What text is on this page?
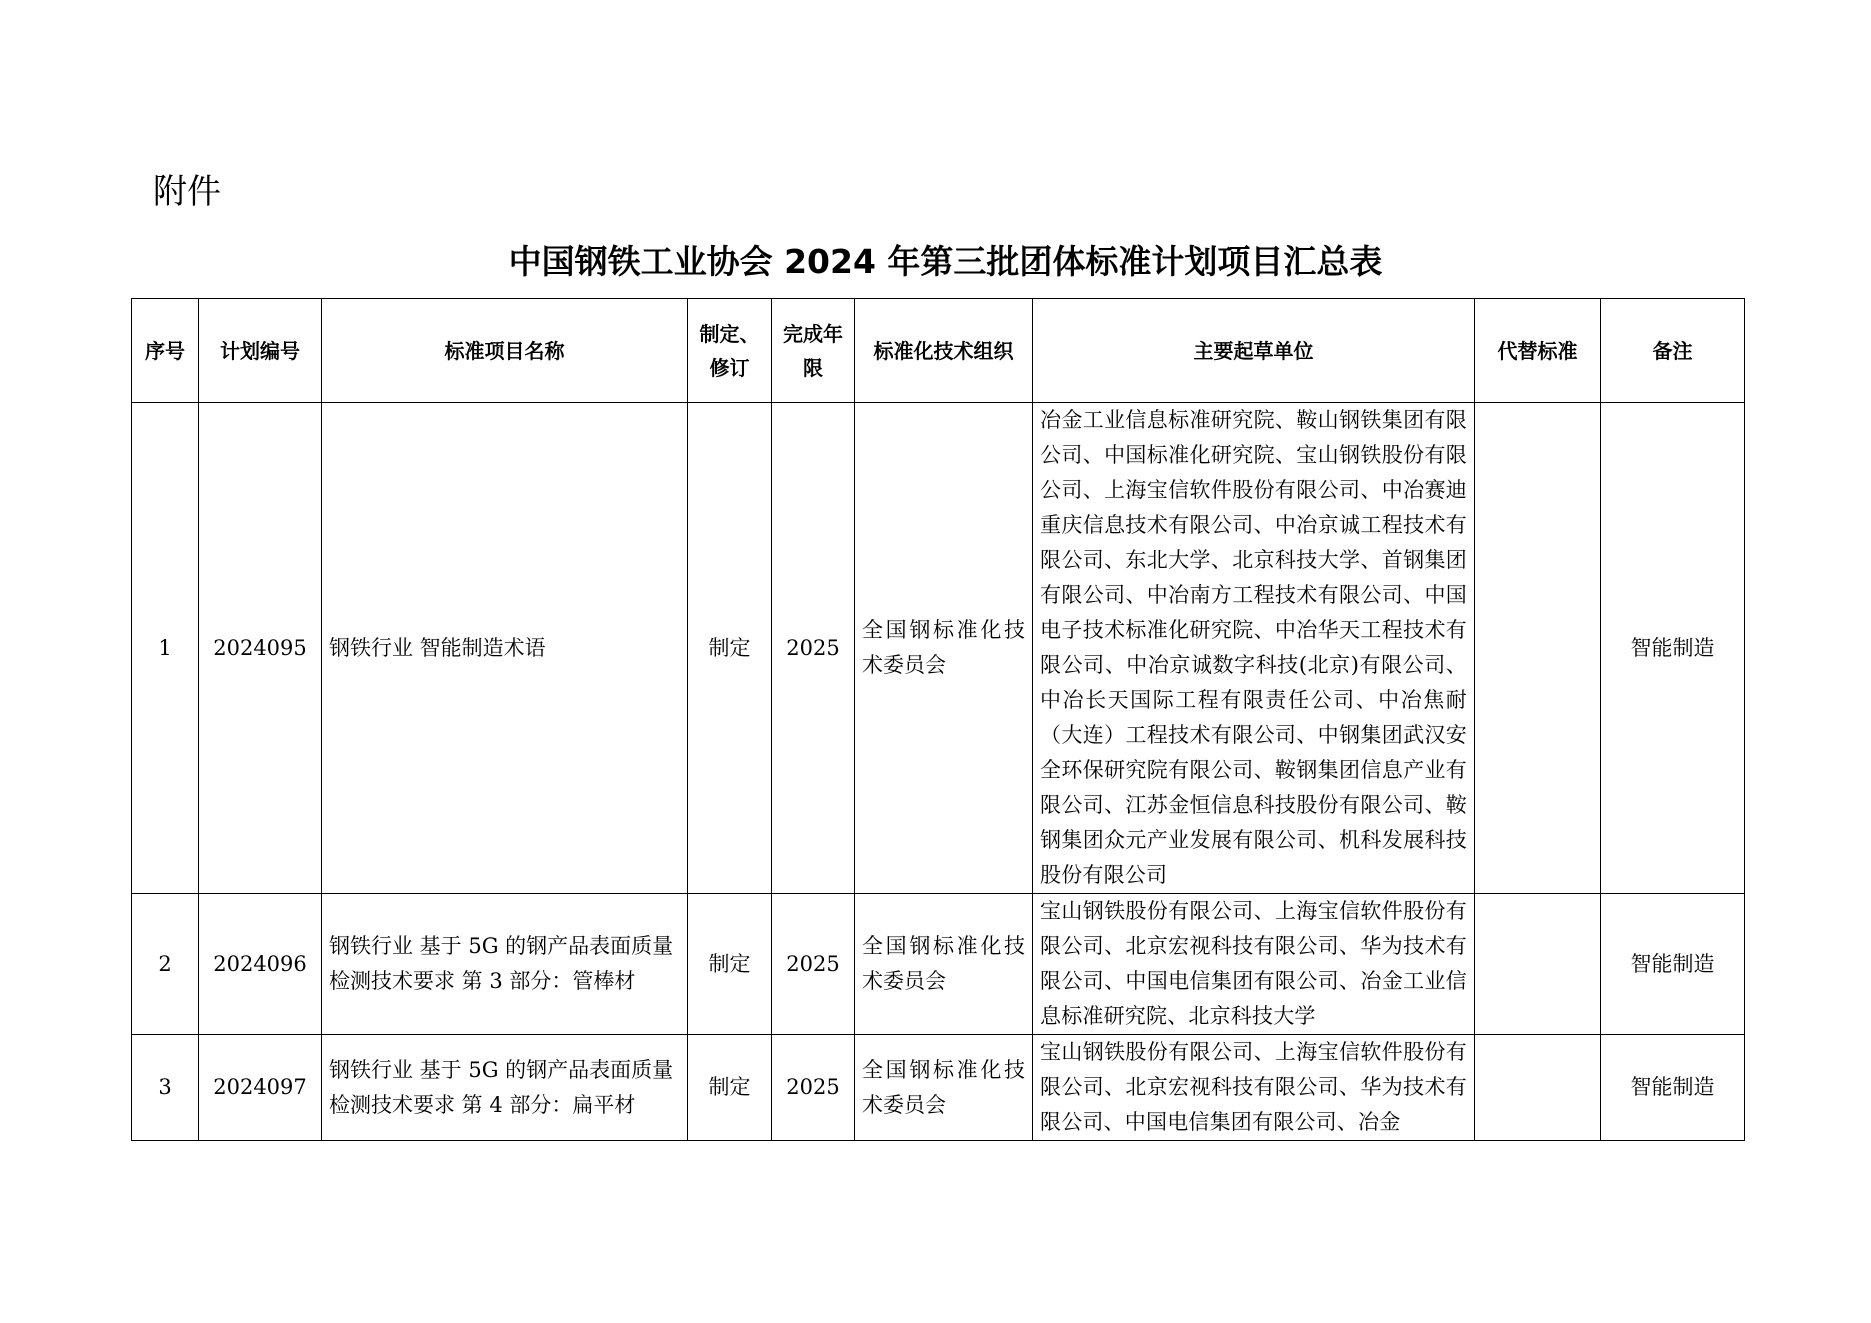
附件
中国钢铁工业协会 2024 年第三批团体标准计划项目汇总表
序号	计划编号	标准项目名称	制定、修订	完成年限	标准化技术组织	主要起草单位	代替标准	备注
1	2024095	钢铁行业 智能制造术语	制定	2025	全国钢标准化技术委员会	冶金工业信息标准研究院、鞍山钢铁集团有限公司、中国标准化研究院、宝山钢铁股份有限公司、上海宝信软件股份有限公司、中冶赛迪重庆信息技术有限公司、中冶京诚工程技术有限公司、东北大学、北京科技大学、首钢集团有限公司、中冶南方工程技术有限公司、中国电子技术标准化研究院、中冶华天工程技术有限公司、中冶京诚数字科技(北京)有限公司、中冶长天国际工程有限责任公司、中冶焦耐（大连）工程技术有限公司、中钢集团武汉安全环保研究院有限公司、鞍钢集团信息产业有限公司、江苏金恒信息科技股份有限公司、鞍钢集团众元产业发展有限公司、机科发展科技股份有限公司		智能制造
2	2024096	钢铁行业 基于 5G 的钢产品表面质量检测技术要求 第 3 部分：管棒材	制定	2025	全国钢标准化技术委员会	宝山钢铁股份有限公司、上海宝信软件股份有限公司、北京宏视科技有限公司、华为技术有限公司、中国电信集团有限公司、冶金工业信息标准研究院、北京科技大学		智能制造
3	2024097	钢铁行业 基于 5G 的钢产品表面质量检测技术要求 第 4 部分：扁平材	制定	2025	全国钢标准化技术委员会	宝山钢铁股份有限公司、上海宝信软件股份有限公司、北京宏视科技有限公司、华为技术有限公司、中国电信集团有限公司、冶金		智能制造
